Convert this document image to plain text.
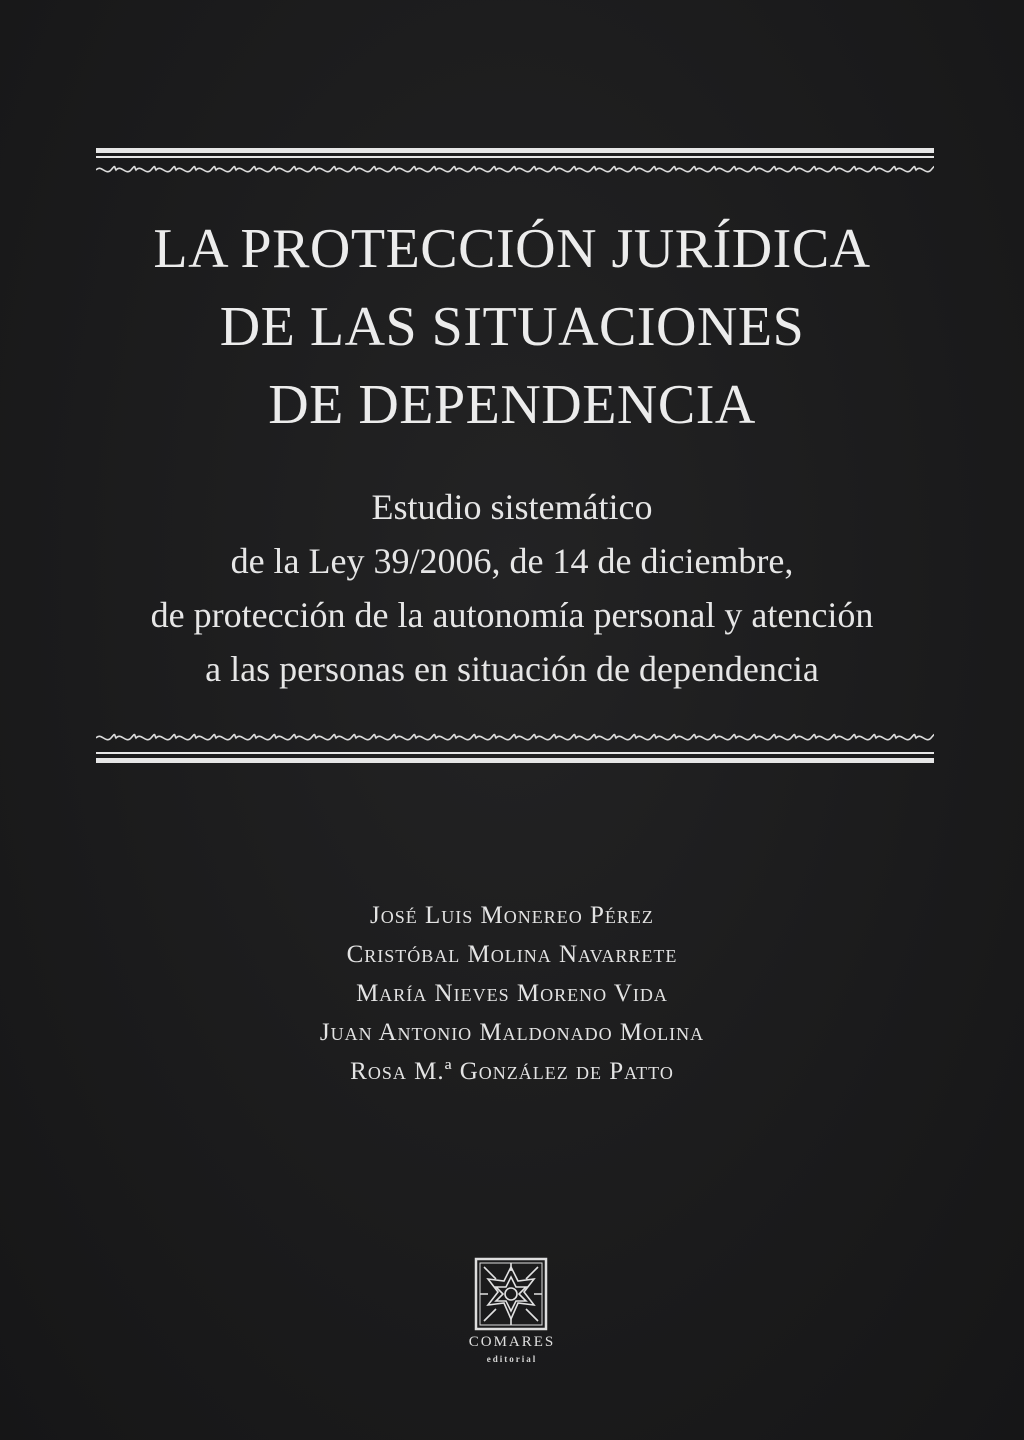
LA PROTECCIÓN JURÍDICA
DE LAS SITUACIONES
DE DEPENDENCIA
Estudio sistemático
de la Ley 39/2006, de 14 de diciembre,
de protección de la autonomía personal y atención
a las personas en situación de dependencia
José Luis Monereo Pérez
Cristóbal Molina Navarrete
María Nieves Moreno Vida
Juan Antonio Maldonado Molina
Rosa M.ª González de Patto
COMARES
editorial
